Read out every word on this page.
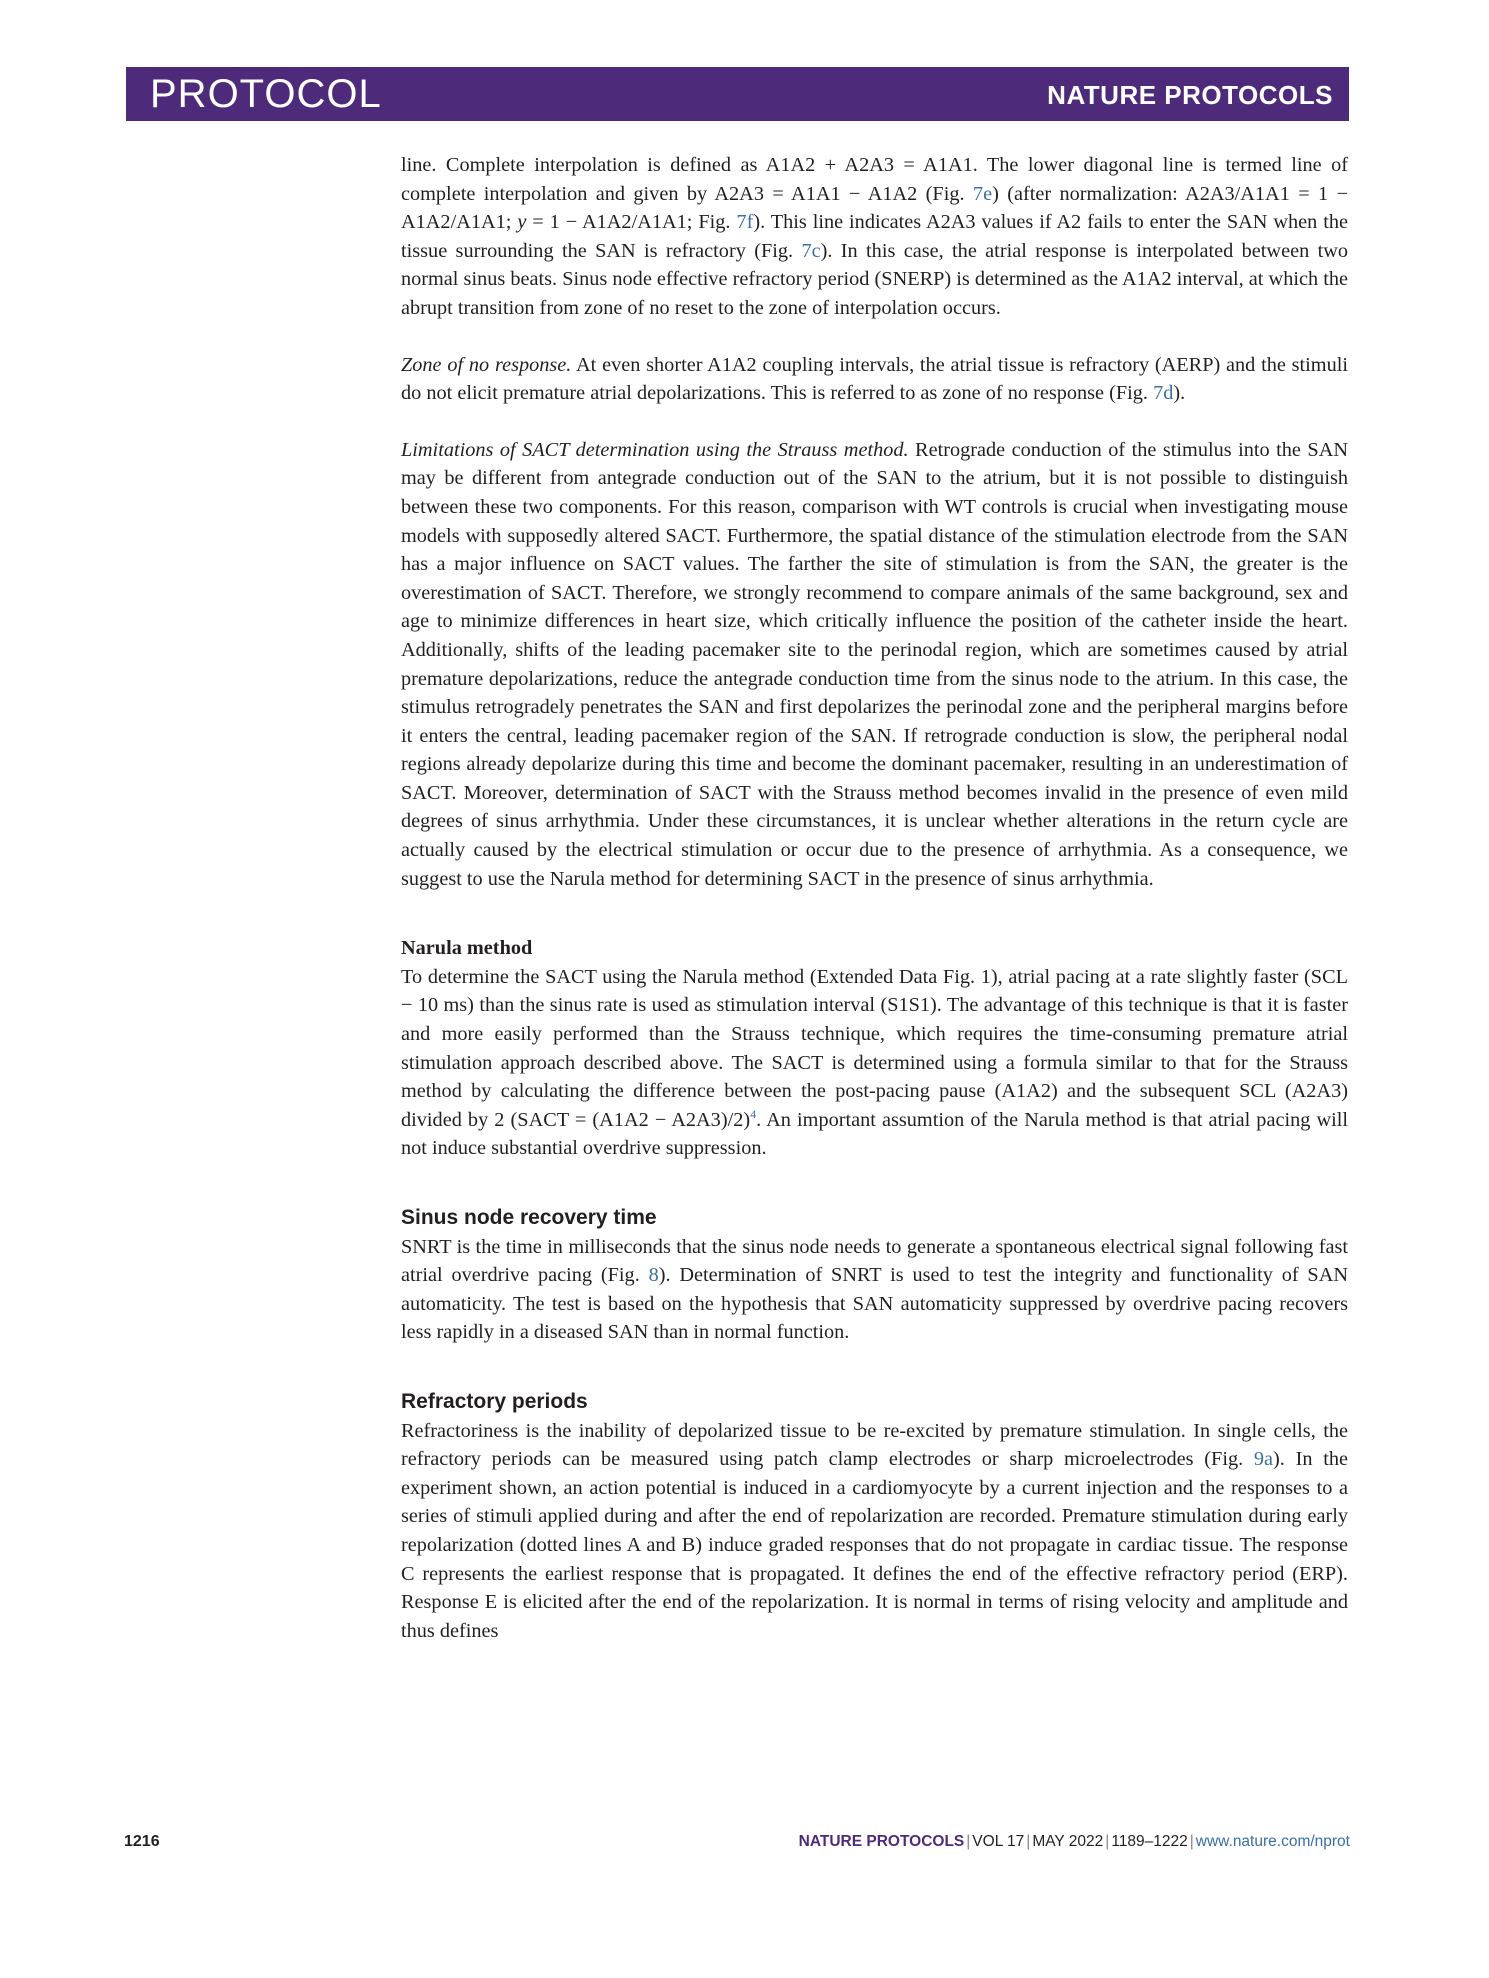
PROTOCOL	NATURE PROTOCOLS

line. Complete interpolation is defined as A1A2 + A2A3 = A1A1. The lower diagonal line is termed line of complete interpolation and given by A2A3 = A1A1 − A1A2 (Fig. 7e) (after normalization: A2A3/A1A1 = 1 − A1A2/A1A1; y = 1 − A1A2/A1A1; Fig. 7f). This line indicates A2A3 values if A2 fails to enter the SAN when the tissue surrounding the SAN is refractory (Fig. 7c). In this case, the atrial response is interpolated between two normal sinus beats. Sinus node effective refractory period (SNERP) is determined as the A1A2 interval, at which the abrupt transition from zone of no reset to the zone of interpolation occurs.

Zone of no response. At even shorter A1A2 coupling intervals, the atrial tissue is refractory (AERP) and the stimuli do not elicit premature atrial depolarizations. This is referred to as zone of no response (Fig. 7d).

Limitations of SACT determination using the Strauss method. Retrograde conduction of the stimulus into the SAN may be different from antegrade conduction out of the SAN to the atrium, but it is not possible to distinguish between these two components. For this reason, comparison with WT controls is crucial when investigating mouse models with supposedly altered SACT. Furthermore, the spatial distance of the stimulation electrode from the SAN has a major influence on SACT values. The farther the site of stimulation is from the SAN, the greater is the overestimation of SACT. Therefore, we strongly recommend to compare animals of the same background, sex and age to minimize differences in heart size, which critically influence the position of the catheter inside the heart. Additionally, shifts of the leading pacemaker site to the perinodal region, which are sometimes caused by atrial premature depolarizations, reduce the antegrade conduction time from the sinus node to the atrium. In this case, the stimulus retrogradely penetrates the SAN and first depolarizes the perinodal zone and the peripheral margins before it enters the central, leading pacemaker region of the SAN. If retrograde conduction is slow, the peripheral nodal regions already depolarize during this time and become the dominant pacemaker, resulting in an underestimation of SACT. Moreover, determination of SACT with the Strauss method becomes invalid in the presence of even mild degrees of sinus arrhythmia. Under these circumstances, it is unclear whether alterations in the return cycle are actually caused by the electrical stimulation or occur due to the presence of arrhythmia. As a consequence, we suggest to use the Narula method for determining SACT in the presence of sinus arrhythmia.

Narula method

To determine the SACT using the Narula method (Extended Data Fig. 1), atrial pacing at a rate slightly faster (SCL − 10 ms) than the sinus rate is used as stimulation interval (S1S1). The advantage of this technique is that it is faster and more easily performed than the Strauss technique, which requires the time-consuming premature atrial stimulation approach described above. The SACT is determined using a formula similar to that for the Strauss method by calculating the difference between the post-pacing pause (A1A2) and the subsequent SCL (A2A3) divided by 2 (SACT = (A1A2 − A2A3)/2)$^4$. An important assumtion of the Narula method is that atrial pacing will not induce substantial overdrive suppression.

Sinus node recovery time

SNRT is the time in milliseconds that the sinus node needs to generate a spontaneous electrical signal following fast atrial overdrive pacing (Fig. 8). Determination of SNRT is used to test the integrity and functionality of SAN automaticity. The test is based on the hypothesis that SAN automaticity suppressed by overdrive pacing recovers less rapidly in a diseased SAN than in normal function.

Refractory periods

Refractoriness is the inability of depolarized tissue to be re-excited by premature stimulation. In single cells, the refractory periods can be measured using patch clamp electrodes or sharp microelectrodes (Fig. 9a). In the experiment shown, an action potential is induced in a cardiomyocyte by a current injection and the responses to a series of stimuli applied during and after the end of repolarization are recorded. Premature stimulation during early repolarization (dotted lines A and B) induce graded responses that do not propagate in cardiac tissue. The response C represents the earliest response that is propagated. It defines the end of the effective refractory period (ERP). Response E is elicited after the end of the repolarization. It is normal in terms of rising velocity and amplitude and thus defines

1216	NATURE PROTOCOLS | VOL 17 | MAY 2022 | 1189–1222 | www.nature.com/nprot
